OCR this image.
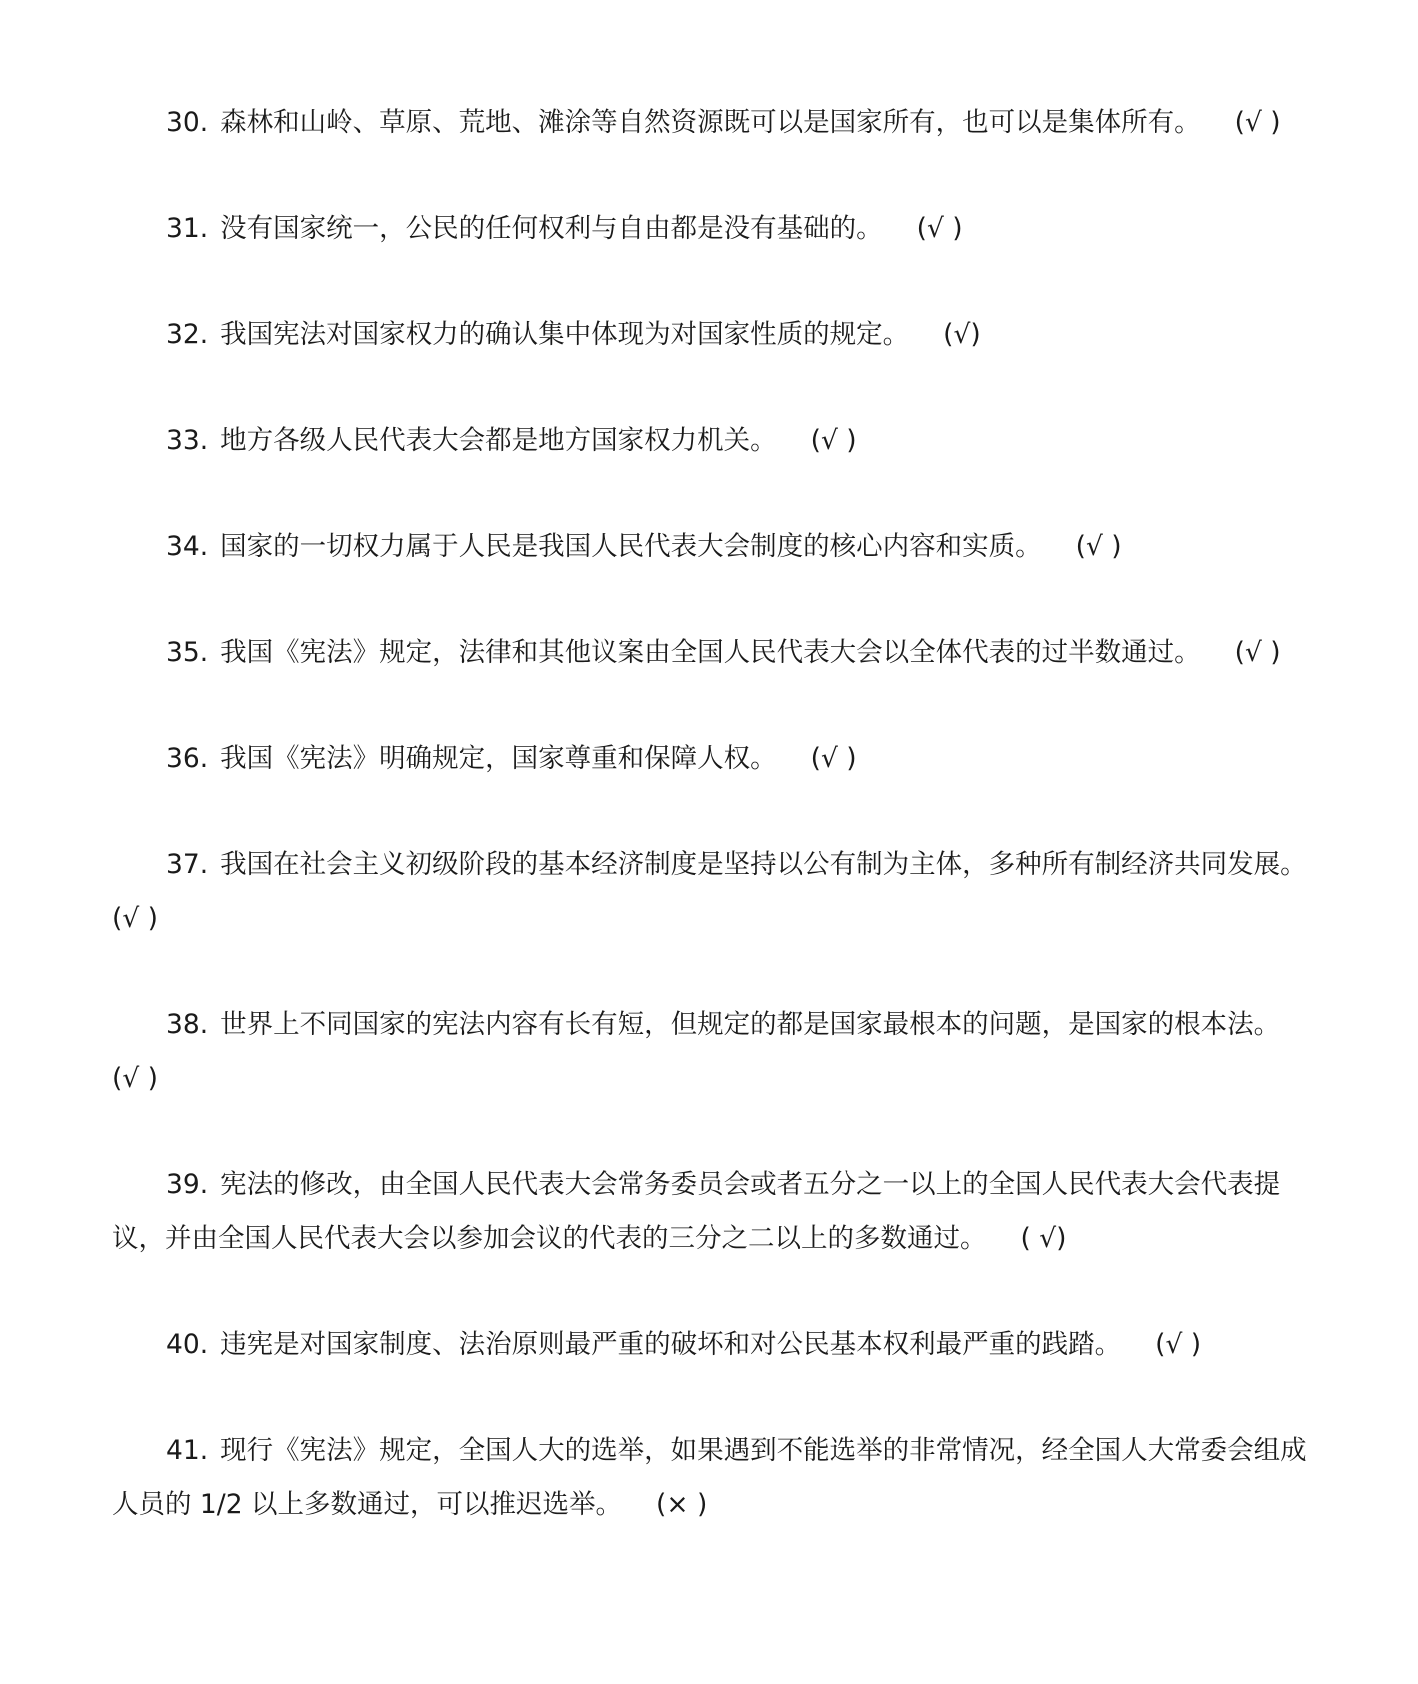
30. 森林和山岭、草原、荒地、滩涂等自然资源既可以是国家所有，也可以是集体所有。 (√ )

31. 没有国家统一，公民的任何权利与自由都是没有基础的。 (√ )

32. 我国宪法对国家权力的确认集中体现为对国家性质的规定。 (√)

33. 地方各级人民代表大会都是地方国家权力机关。 (√ )

34. 国家的一切权力属于人民是我国人民代表大会制度的核心内容和实质。 (√ )

35. 我国《宪法》规定，法律和其他议案由全国人民代表大会以全体代表的过半数通过。 (√ )

36. 我国《宪法》明确规定，国家尊重和保障人权。 (√ )

37. 我国在社会主义初级阶段的基本经济制度是坚持以公有制为主体，多种所有制经济共同发展。
(√ )

38. 世界上不同国家的宪法内容有长有短，但规定的都是国家最根本的问题，是国家的根本法。
(√ )

39. 宪法的修改，由全国人民代表大会常务委员会或者五分之一以上的全国人民代表大会代表提议，并由全国人民代表大会以参加会议的代表的三分之二以上的多数通过。 ( √)

40. 违宪是对国家制度、法治原则最严重的破坏和对公民基本权利最严重的践踏。 (√ )

41. 现行《宪法》规定，全国人大的选举，如果遇到不能选举的非常情况，经全国人大常委会组成人员的 1/2 以上多数通过，可以推迟选举。 (× )
